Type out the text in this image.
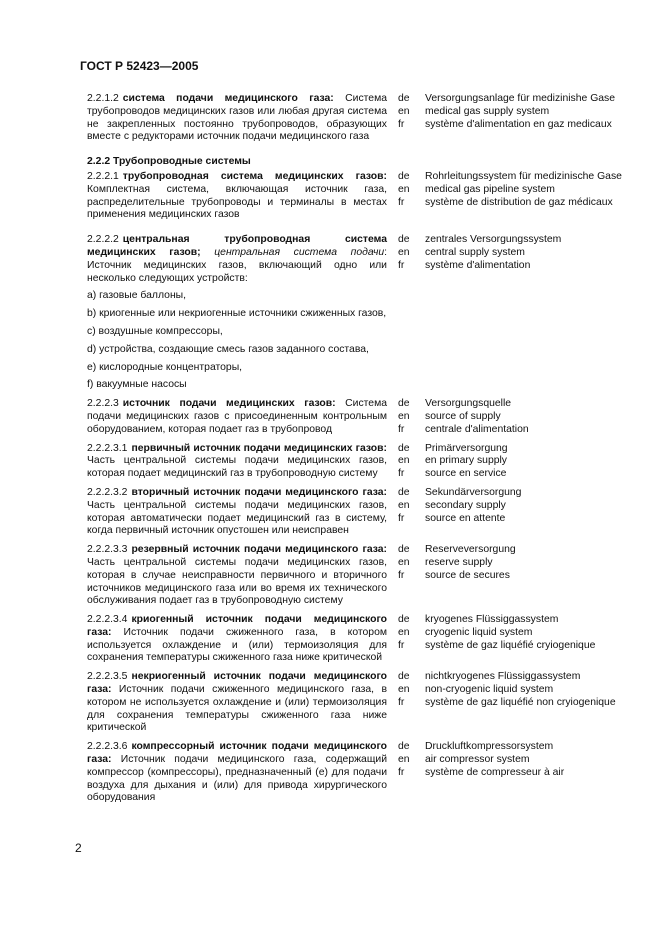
ГОСТ Р 52423—2005
2.2.1.2 система подачи медицинского газа: Система трубопроводов медицинских газов или любая другая система не закрепленных постоянно трубопроводов, образующих вместе с редукторами источник подачи медицинского газа
de	Versorgungsanlage für medizinishe Gase
en	medical gas supply system
fr	système d'alimentation en gaz medicaux
2.2.2 Трубопроводные системы
2.2.2.1 трубопроводная система медицинских газов: Комплектная система, включающая источник газа, распределительные трубопроводы и терминалы в местах применения медицинских газов
de	Rohrleitungssystem für medizinische Gase
en	medical gas pipeline system
fr	système de distribution de gaz médicaux
2.2.2.2 центральная трубопроводная система медицинских газов; центральная система подачи: Источник медицинских газов, включающий одно или несколько следующих устройств:
a) газовые баллоны,
b) криогенные или некриогенные источники сжиженных газов,
c) воздушные компрессоры,
d) устройства, создающие смесь газов заданного состава,
e) кислородные концентраторы,
f) вакуумные насосы
de	zentrales Versorgungssystem
en	central supply system
fr	système d'alimentation
2.2.2.3 источник подачи медицинских газов: Система подачи медицинских газов с присоединенным контрольным оборудованием, которая подает газ в трубопровод
de	Versorgungsquelle
en	source of supply
fr	centrale d'alimentation
2.2.2.3.1 первичный источник подачи медицинских газов: Часть центральной системы подачи медицинских газов, которая подает медицинский газ в трубопроводную систему
de	Primärversorgung
en	en primary supply
fr	source en service
2.2.2.3.2 вторичный источник подачи медицинского газа: Часть центральной системы подачи медицинских газов, которая автоматически подает медицинский газ в систему, когда первичный источник опустошен или неисправен
de	Sekundärversorgung
en	secondary supply
fr	source en attente
2.2.2.3.3 резервный источник подачи медицинского газа: Часть центральной системы подачи медицинских газов, которая в случае неисправности первичного и вторичного источников медицинского газа или во время их технического обслуживания подает газ в трубопроводную систему
de	Reserveversorgung
en	reserve supply
fr	source de secures
2.2.2.3.4 криогенный источник подачи медицинского газа: Источник подачи сжиженного газа, в котором используется охлаждение и (или) термоизоляция для сохранения температуры сжиженного газа ниже критической
de	kryogenes Flüssiggassystem
en	cryogenic liquid system
fr	système de gaz liquéfié cryiogenique
2.2.2.3.5 некриогенный источник подачи медицинского газа: Источник подачи сжиженного медицинского газа, в котором не используется охлаждение и (или) термоизоляция для сохранения температуры сжиженного газа ниже критической
de	nichtkryogenes Flüssiggassystem
en	non-cryogenic liquid system
fr	système de gaz liquéfié non cryiogenique
2.2.2.3.6 компрессорный источник подачи медицинского газа: Источник подачи медицинского газа, содержащий компрессор (компрессоры), предназначенный (е) для подачи воздуха для дыхания и (или) для привода хирургического оборудования
de	Druckluftkompressorsystem
en	air compressor system
fr	système de compresseur à air
2
